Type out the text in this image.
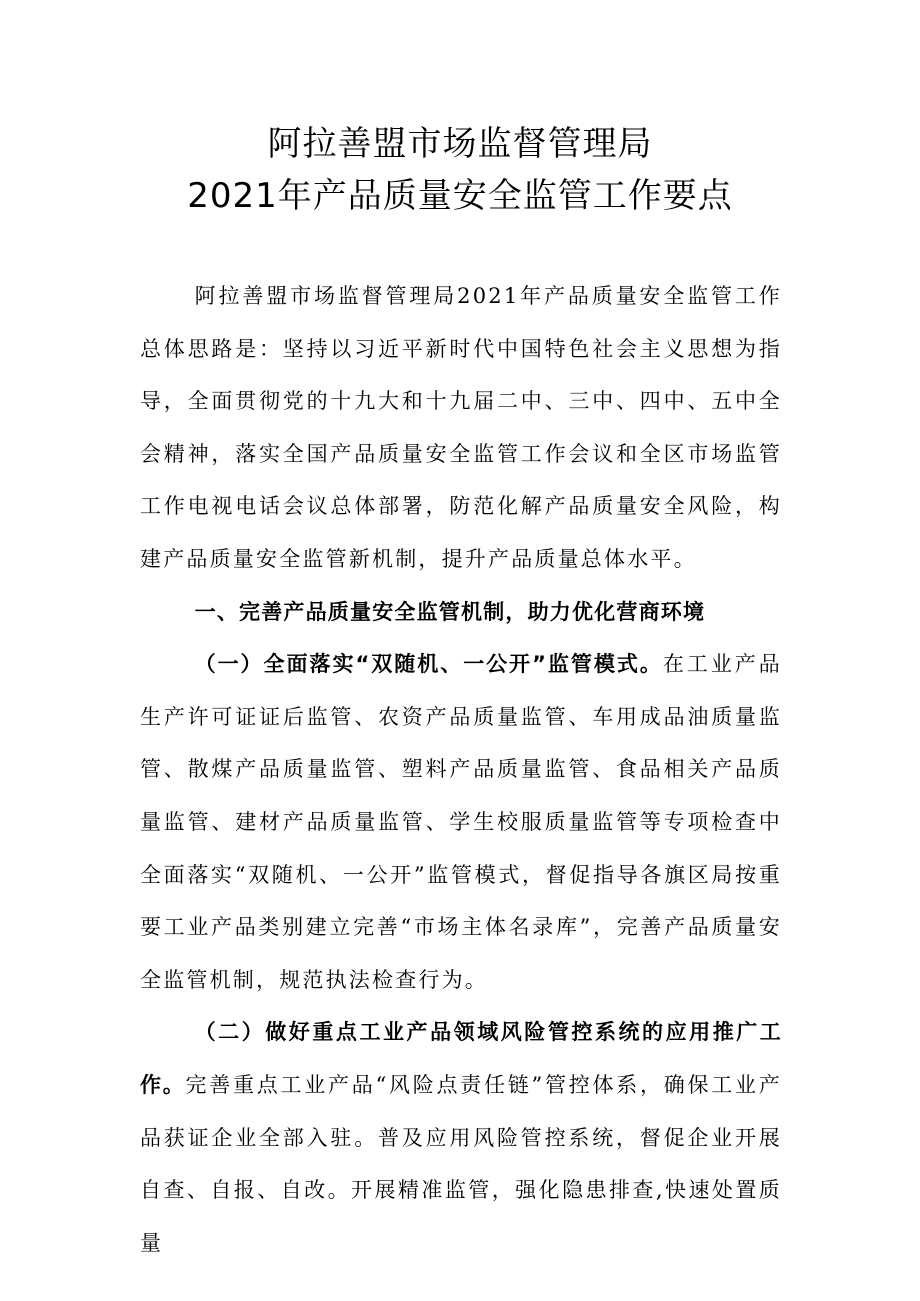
阿拉善盟市场监督管理局
2021年产品质量安全监管工作要点

阿拉善盟市场监督管理局2021年产品质量安全监管工作总体思路是：坚持以习近平新时代中国特色社会主义思想为指导，全面贯彻党的十九大和十九届二中、三中、四中、五中全会精神，落实全国产品质量安全监管工作会议和全区市场监管工作电视电话会议总体部署，防范化解产品质量安全风险，构建产品质量安全监管新机制，提升产品质量总体水平。

一、完善产品质量安全监管机制，助力优化营商环境

（一）全面落实“双随机、一公开”监管模式。在工业产品生产许可证证后监管、农资产品质量监管、车用成品油质量监管、散煤产品质量监管、塑料产品质量监管、食品相关产品质量监管、建材产品质量监管、学生校服质量监管等专项检查中全面落实“双随机、一公开”监管模式，督促指导各旗区局按重要工业产品类别建立完善“市场主体名录库”，完善产品质量安全监管机制，规范执法检查行为。

（二）做好重点工业产品领域风险管控系统的应用推广工作。完善重点工业产品“风险点责任链”管控体系，确保工业产品获证企业全部入驻。普及应用风险管控系统，督促企业开展自查、自报、自改。开展精准监管，强化隐患排查,快速处置质量
